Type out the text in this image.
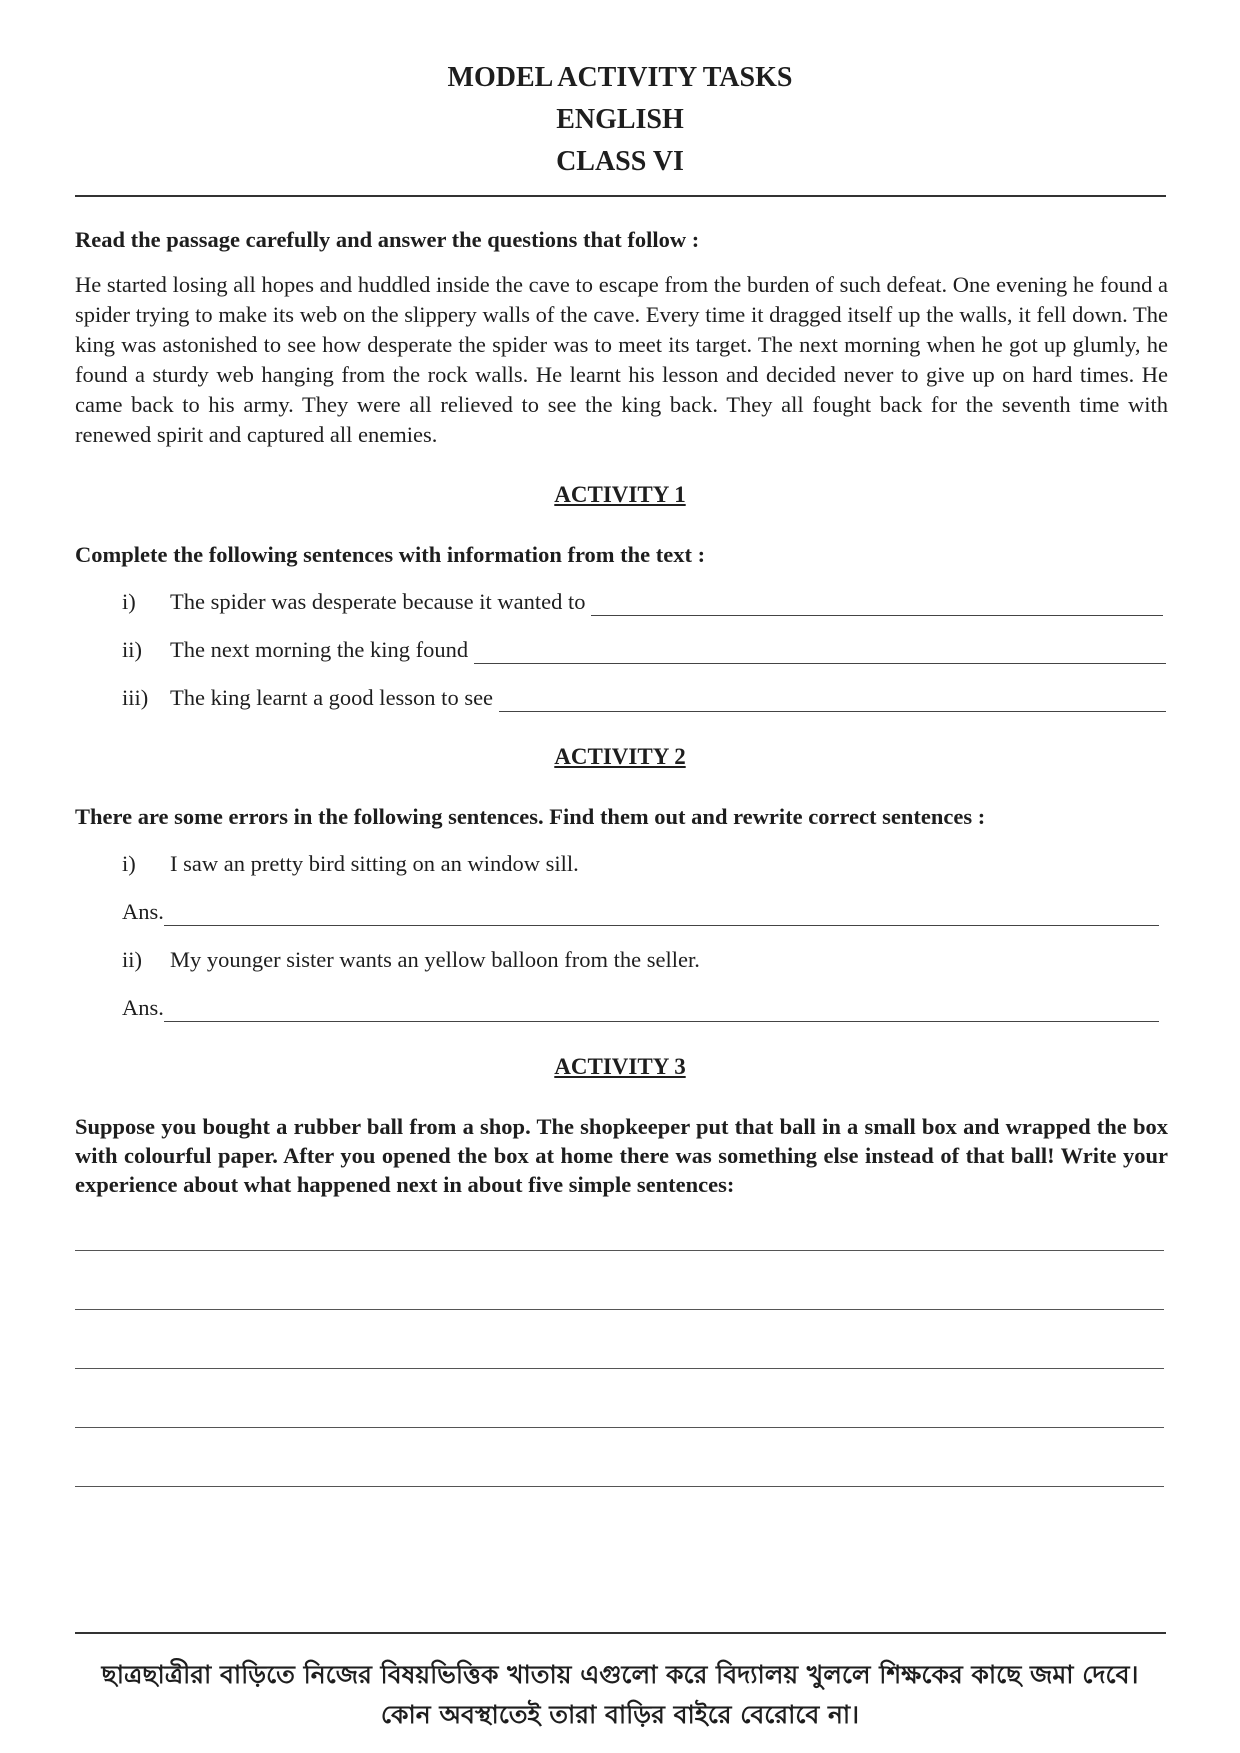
MODEL ACTIVITY TASKS
ENGLISH
CLASS VI

Read the passage carefully and answer the questions that follow :

He started losing all hopes and huddled inside the cave to escape from the burden of such defeat. One evening he found a spider trying to make its web on the slippery walls of the cave. Every time it dragged itself up the walls, it fell down. The king was astonished to see how desperate the spider was to meet its target. The next morning when he got up glumly, he found a sturdy web hanging from the rock walls. He learnt his lesson and decided never to give up on hard times. He came back to his army. They were all relieved to see the king back. They all fought back for the seventh time with renewed spirit and captured all enemies.

ACTIVITY 1

Complete the following sentences with information from the text :

i)	The spider was desperate because it wanted to
ii)	The next morning the king found
iii) The king learnt a good lesson to see
ACTIVITY 2

There are some errors in the following sentences. Find them out and rewrite correct sentences :

i)	I saw an pretty bird sitting on an window sill.
Ans.
ii)	My younger sister wants an yellow balloon from the seller.
Ans.
ACTIVITY 3

Suppose you bought a rubber ball from a shop. The shopkeeper put that ball in a small box and wrapped the box with colourful paper. After you opened the box at home there was something else instead of that ball! Write your experience about what happened next in about five simple sentences:

ছাত্রছাত্রীরা বাড়িতে নিজের বিষয়ভিত্তিক খাতায় এগুলো করে বিদ্যালয় খুললে শিক্ষকের কাছে জমা দেবে।

কোন অবস্থাতেই তারা বাড়ির বাইরে বেরোবে না।
